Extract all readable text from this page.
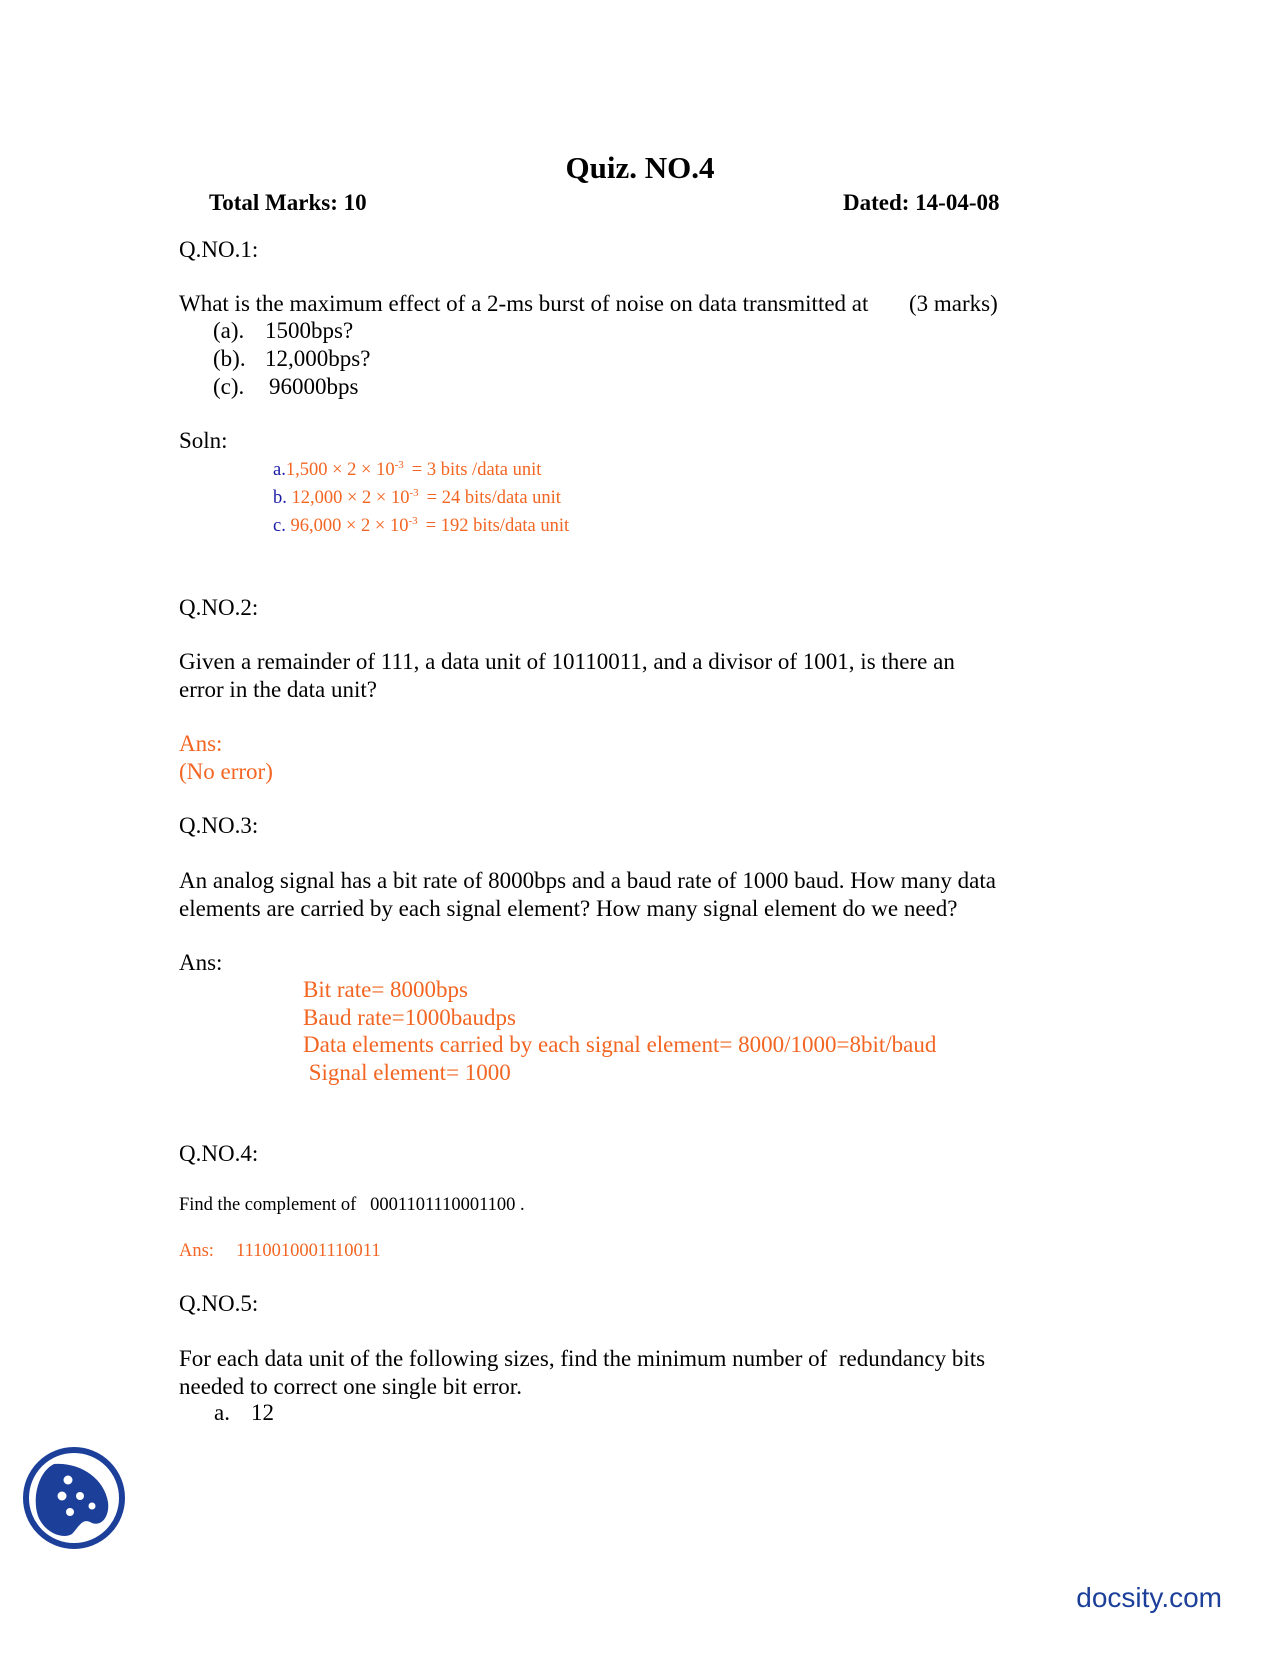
Quiz. NO.4
Total Marks: 10	Dated: 14-04-08
Q.NO.1:
What is the maximum effect of a 2-ms burst of noise on data transmitted at (3 marks)
(a). 1500bps?
(b). 12,000bps?
(c). 96000bps
Soln:
$a.1,500 \times 2 \times 10^{-3} = 3$ bits /data unit
b. $12,000 \times 2 \times 10^{-3} = 24$ bits/data unit
c. $96,000 \times 2 \times 10^{-3} = 192$ bits/data unit
Q.NO.2:
Given a remainder of 111, a data unit of 10110011, and a divisor of 1001, is there an
error in the data unit?
Ans:
(No error)
Q.NO.3:
An analog signal has a bit rate of 8000bps and a baud rate of 1000 baud. How many data
elements are carried by each signal element? How many signal element do we need?
Ans:
Bit rate= 8000bps
Baud rate=1000baudps
Data elements carried by each signal element= 8000/1000=8bit/baud
Signal element= 1000
Q.NO.4:
Find the complement of   0001101110001100 .
Ans: 1110010001110011
Q.NO.5:
For each data unit of the following sizes, find the minimum number of  redundancy bits
needed to correct one single bit error.
a. 12
docsity.com
